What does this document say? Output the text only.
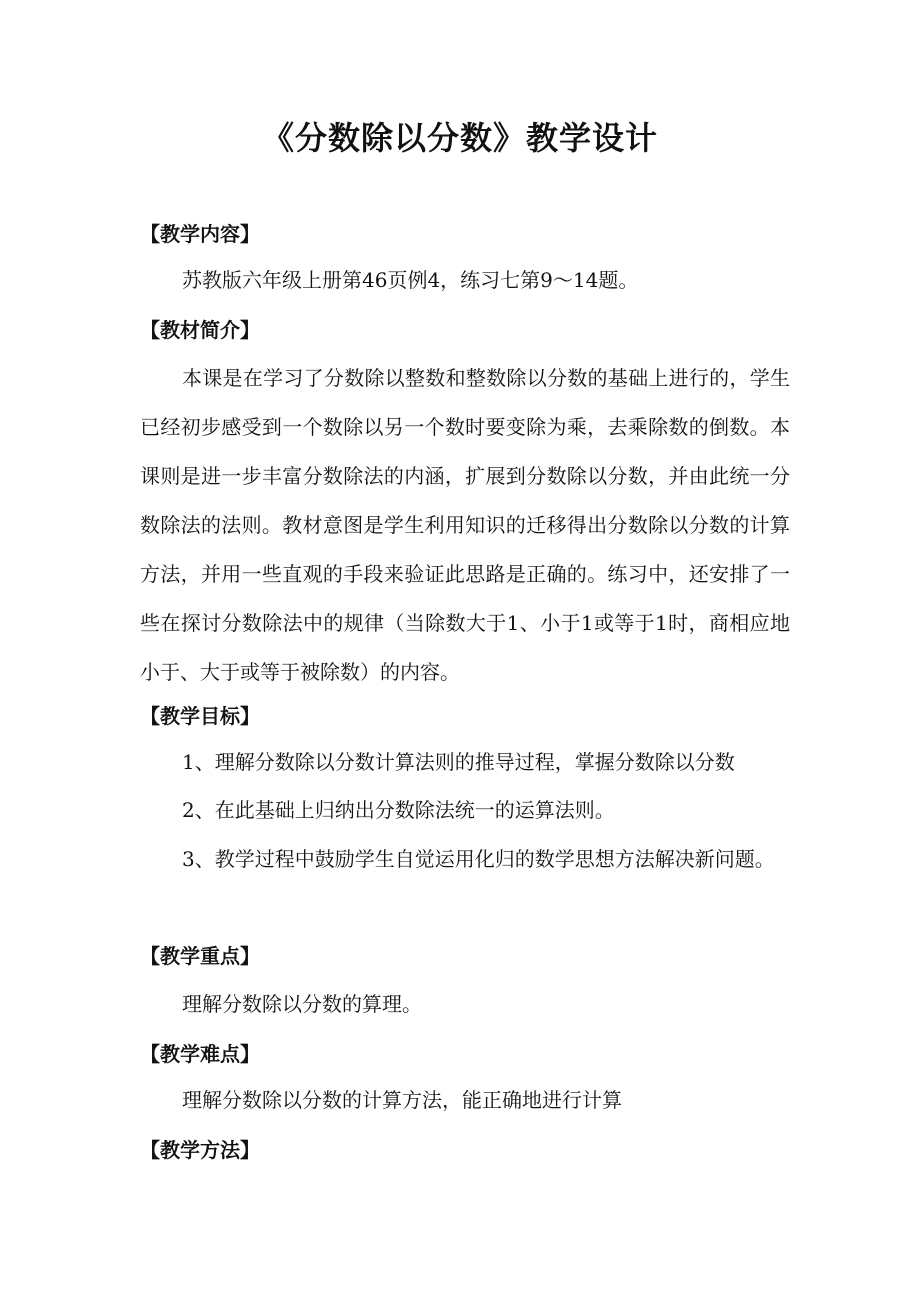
《分数除以分数》教学设计
【教学内容】
苏教版六年级上册第46页例4，练习七第9～14题。
【教材简介】
本课是在学习了分数除以整数和整数除以分数的基础上进行的，学生已经初步感受到一个数除以另一个数时要变除为乘，去乘除数的倒数。本课则是进一步丰富分数除法的内涵，扩展到分数除以分数，并由此统一分数除法的法则。教材意图是学生利用知识的迁移得出分数除以分数的计算方法，并用一些直观的手段来验证此思路是正确的。练习中，还安排了一些在探讨分数除法中的规律（当除数大于1、小于1或等于1时，商相应地小于、大于或等于被除数）的内容。
【教学目标】
1、理解分数除以分数计算法则的推导过程，掌握分数除以分数
2、在此基础上归纳出分数除法统一的运算法则。
3、教学过程中鼓励学生自觉运用化归的数学思想方法解决新问题。
【教学重点】
理解分数除以分数的算理。
【教学难点】
理解分数除以分数的计算方法，能正确地进行计算
【教学方法】
